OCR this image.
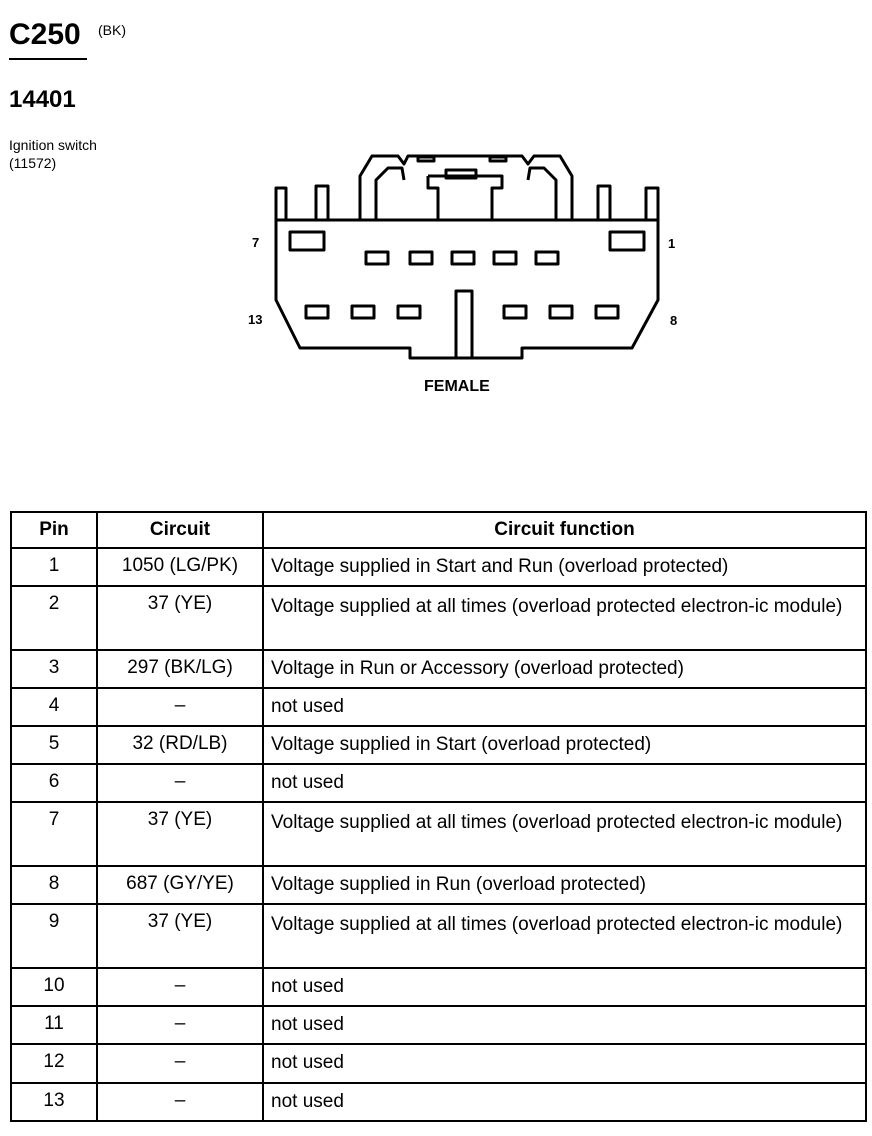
C250 (BK)
14401
Ignition switch
(11572)
7	1
13	8
FEMALE
Pin	Circuit	Circuit function
1	1050 (LG/PK)	Voltage supplied in Start and Run (overload protected)
2	37 (YE)	Voltage supplied at all times (overload protected electron-ic module)
3	297 (BK/LG)	Voltage in Run or Accessory (overload protected)
4	–	not used
5	32 (RD/LB)	Voltage supplied in Start (overload protected)
6	–	not used
7	37 (YE)	Voltage supplied at all times (overload protected electron-ic module)
8	687 (GY/YE)	Voltage supplied in Run (overload protected)
9	37 (YE)	Voltage supplied at all times (overload protected electron-ic module)
10	–	not used
11	–	not used
12	–	not used
13	–	not used
